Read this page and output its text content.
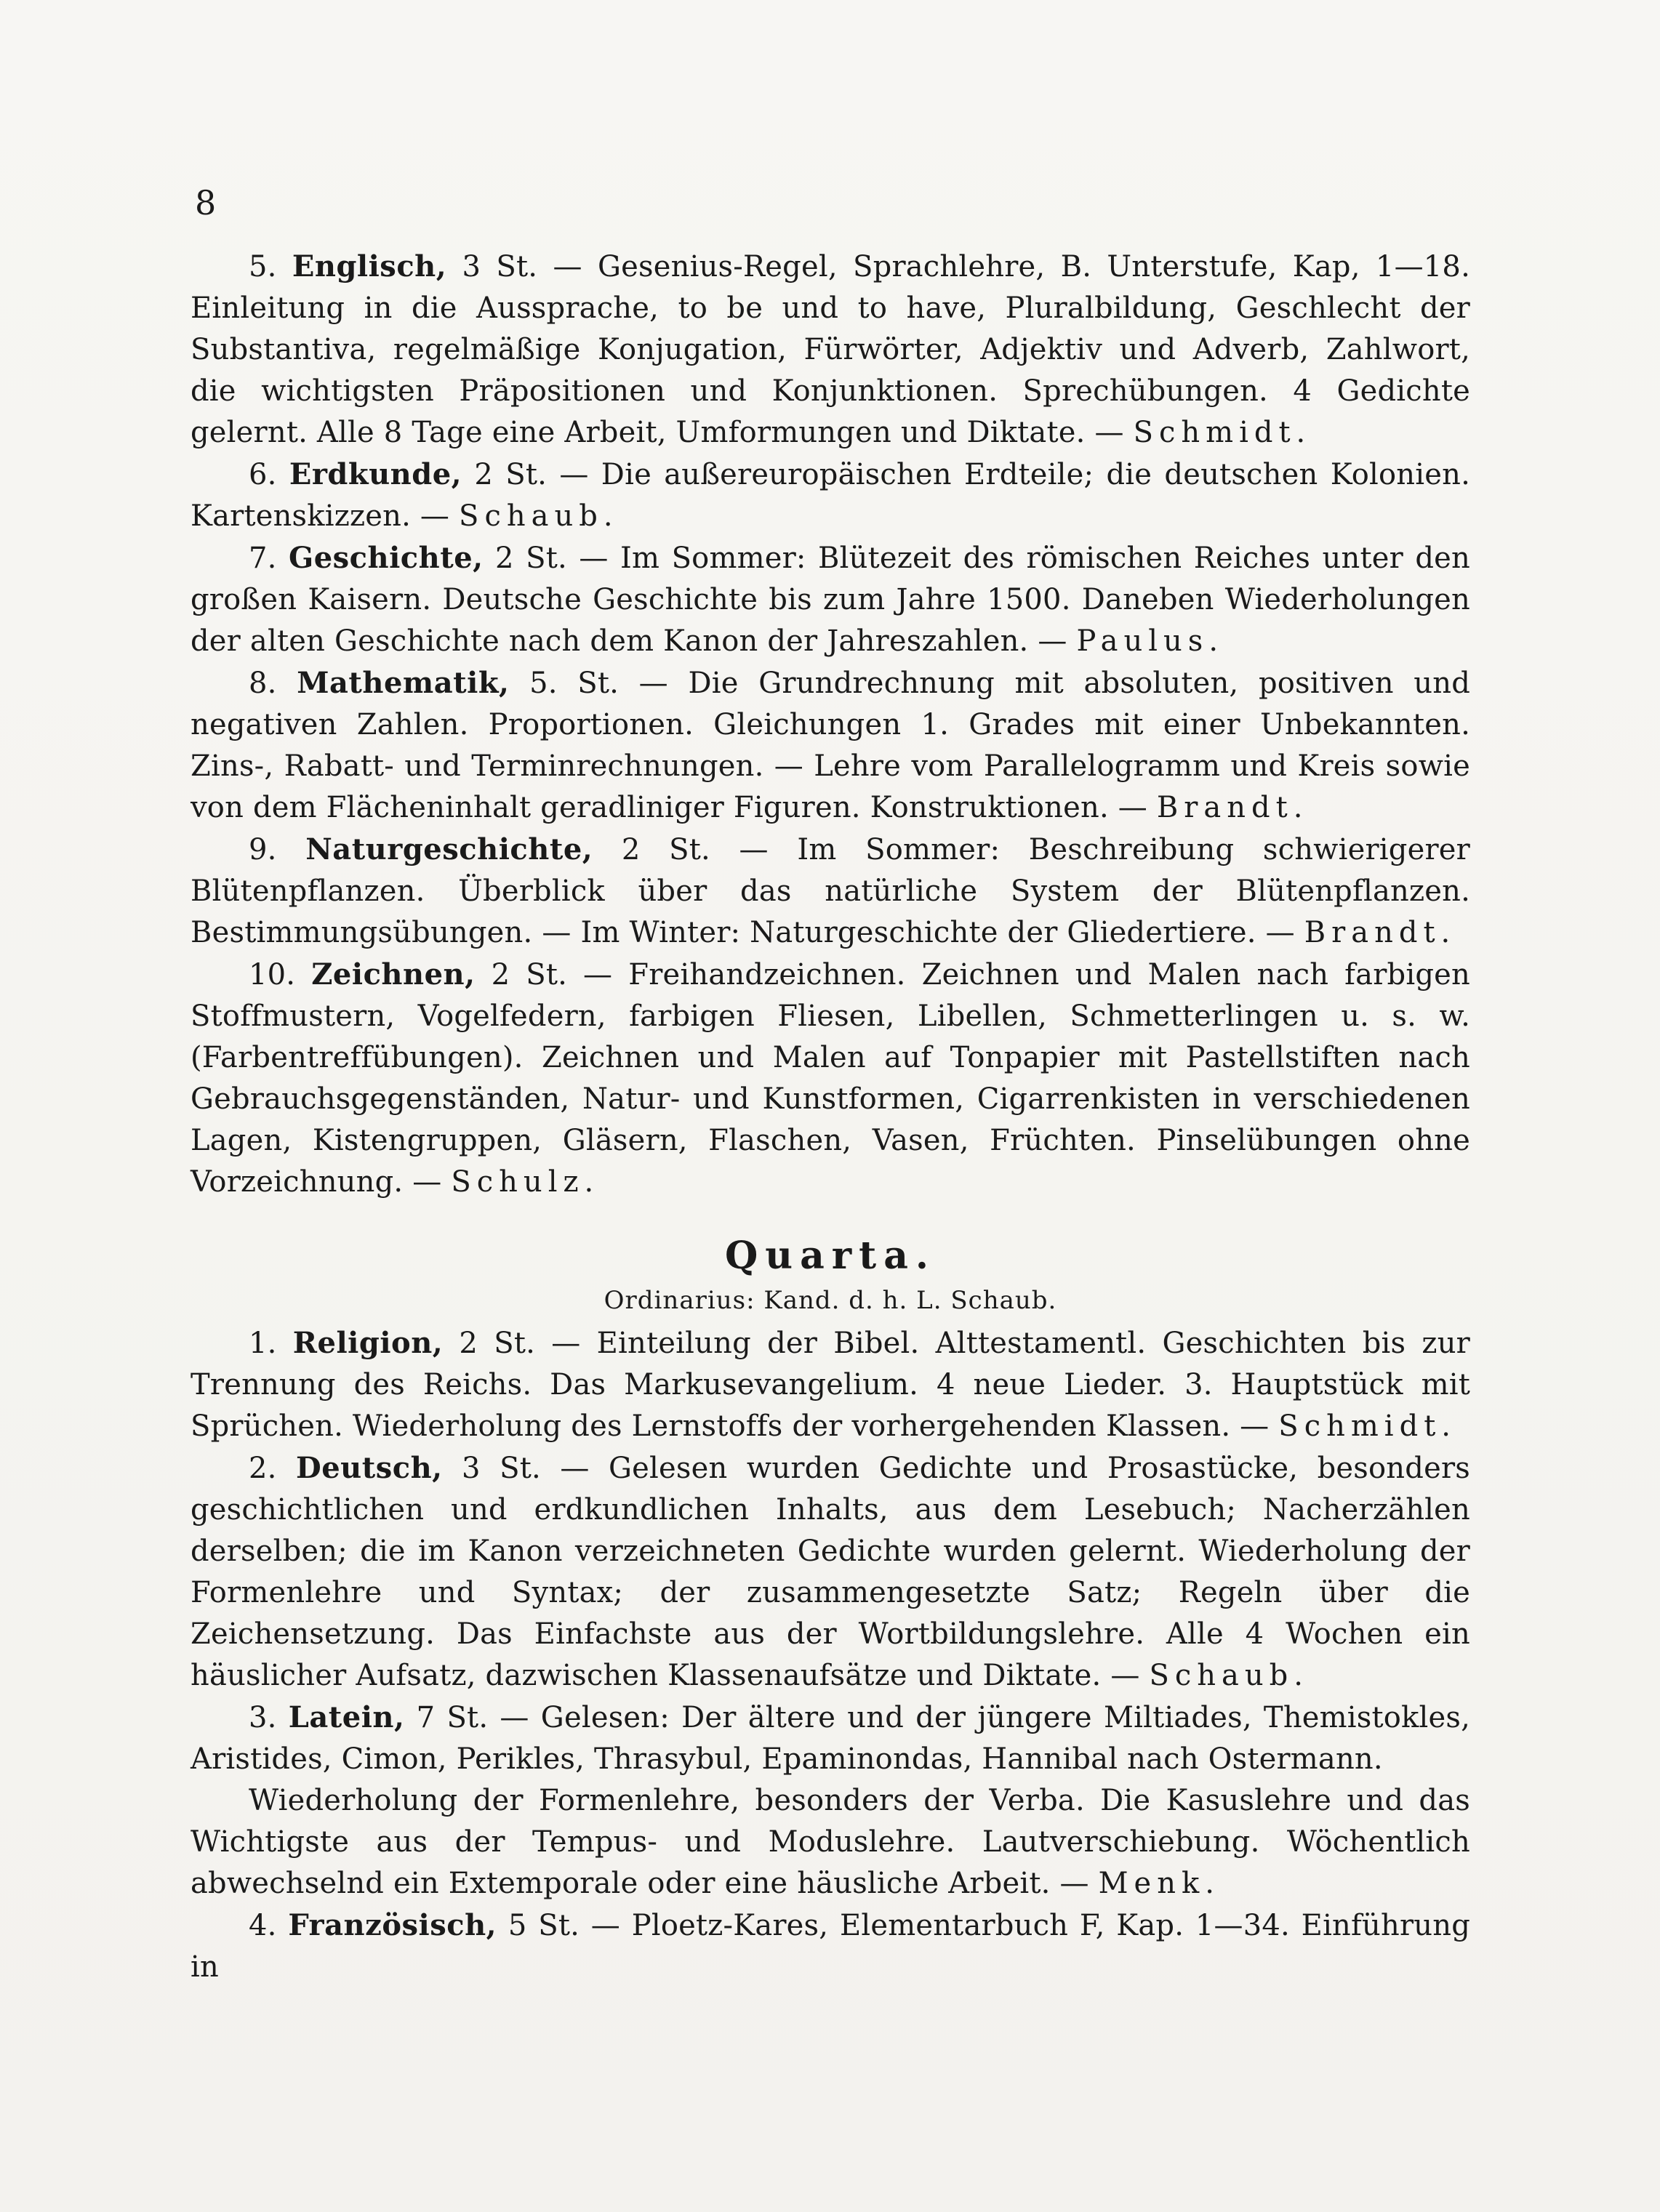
8

5. Englisch, 3 St. — Gesenius-Regel, Sprachlehre, B. Unterstufe, Kap, 1—18. Einleitung in die Aussprache, to be und to have, Pluralbildung, Geschlecht der Substantiva, regelmäßige Konjugation, Fürwörter, Adjektiv und Adverb, Zahlwort, die wichtigsten Präpositionen und Konjunktionen. Sprechübungen. 4 Gedichte gelernt. Alle 8 Tage eine Arbeit, Umformungen und Diktate. — Schmidt.

6. Erdkunde, 2 St. — Die außereuropäischen Erdteile; die deutschen Kolonien. Kartenskizzen. — Schaub.

7. Geschichte, 2 St. — Im Sommer: Blütezeit des römischen Reiches unter den großen Kaisern. Deutsche Geschichte bis zum Jahre 1500. Daneben Wiederholungen der alten Geschichte nach dem Kanon der Jahreszahlen. — Paulus.

8. Mathematik, 5. St. — Die Grundrechnung mit absoluten, positiven und negativen Zahlen. Proportionen. Gleichungen 1. Grades mit einer Unbekannten. Zins-, Rabatt- und Terminrechnungen. — Lehre vom Parallelogramm und Kreis sowie von dem Flächeninhalt geradliniger Figuren. Konstruktionen. — Brandt.

9. Naturgeschichte, 2 St. — Im Sommer: Beschreibung schwierigerer Blütenpflanzen. Überblick über das natürliche System der Blütenpflanzen. Bestimmungsübungen. — Im Winter: Naturgeschichte der Gliedertiere. — Brandt.

10. Zeichnen, 2 St. — Freihandzeichnen. Zeichnen und Malen nach farbigen Stoffmustern, Vogelfedern, farbigen Fliesen, Libellen, Schmetterlingen u. s. w. (Farbentreffübungen). Zeichnen und Malen auf Tonpapier mit Pastellstiften nach Gebrauchsgegenständen, Natur- und Kunstformen, Cigarrenkisten in verschiedenen Lagen, Kistengruppen, Gläsern, Flaschen, Vasen, Früchten. Pinselübungen ohne Vorzeichnung. — Schulz.

Quarta.
Ordinarius: Kand. d. h. L. Schaub.

1. Religion, 2 St. — Einteilung der Bibel. Alttestamentl. Geschichten bis zur Trennung des Reichs. Das Markusevangelium. 4 neue Lieder. 3. Hauptstück mit Sprüchen. Wiederholung des Lernstoffs der vorhergehenden Klassen. — Schmidt.

2. Deutsch, 3 St. — Gelesen wurden Gedichte und Prosastücke, besonders geschichtlichen und erdkundlichen Inhalts, aus dem Lesebuch; Nacherzählen derselben; die im Kanon verzeichneten Gedichte wurden gelernt. Wiederholung der Formenlehre und Syntax; der zusammengesetzte Satz; Regeln über die Zeichensetzung. Das Einfachste aus der Wortbildungslehre. Alle 4 Wochen ein häuslicher Aufsatz, dazwischen Klassenaufsätze und Diktate. — Schaub.

3. Latein, 7 St. — Gelesen: Der ältere und der jüngere Miltiades, Themistokles, Aristides, Cimon, Perikles, Thrasybul, Epaminondas, Hannibal nach Ostermann.

Wiederholung der Formenlehre, besonders der Verba. Die Kasuslehre und das Wichtigste aus der Tempus- und Moduslehre. Lautverschiebung. Wöchentlich abwechselnd ein Extemporale oder eine häusliche Arbeit. — Menk.

4. Französisch, 5 St. — Ploetz-Kares, Elementarbuch F, Kap. 1—34. Einführung in
